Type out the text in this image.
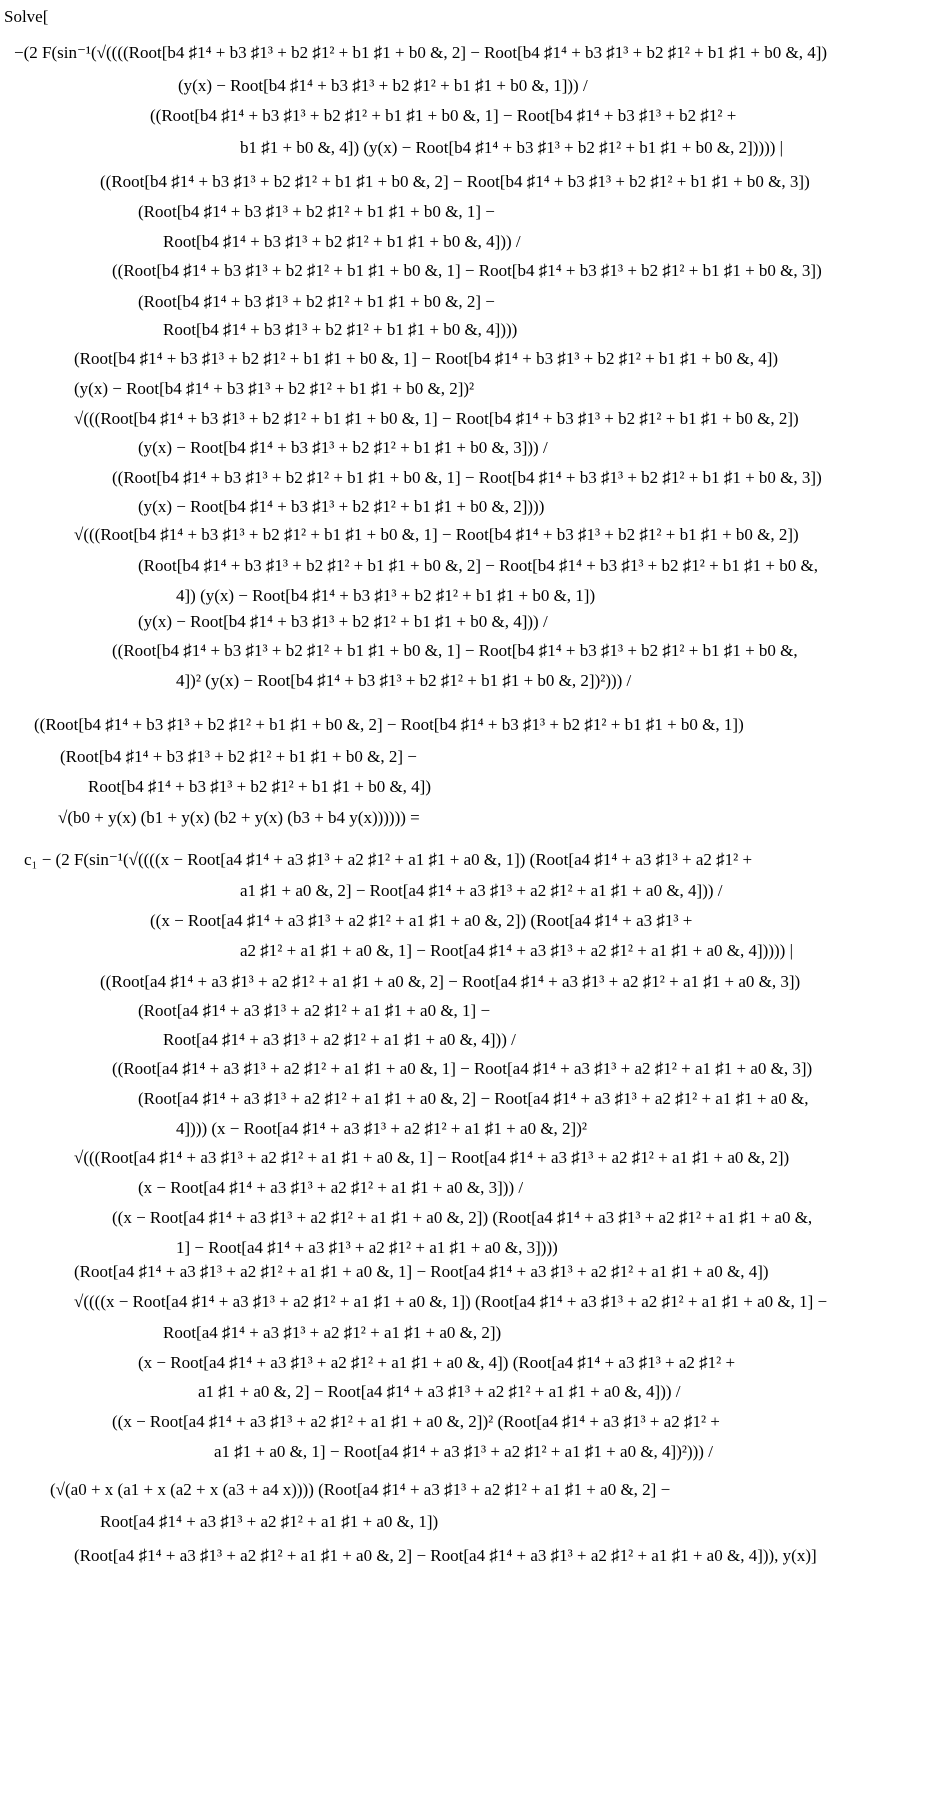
Solve[
−(2 F(sin⁻¹(√((((Root[b4 ♯1⁴ + b3 ♯1³ + b2 ♯1² + b1 ♯1 + b0 &, 2] − Root[b4 ♯1⁴ + b3 ♯1³ + b2 ♯1² + b1 ♯1 + b0 &, 4])
(y(x) − Root[b4 ♯1⁴ + b3 ♯1³ + b2 ♯1² + b1 ♯1 + b0 &, 1])) /
((Root[b4 ♯1⁴ + b3 ♯1³ + b2 ♯1² + b1 ♯1 + b0 &, 1] − Root[b4 ♯1⁴ + b3 ♯1³ + b2 ♯1² +
b1 ♯1 + b0 &, 4]) (y(x) − Root[b4 ♯1⁴ + b3 ♯1³ + b2 ♯1² + b1 ♯1 + b0 &, 2])))) |
((Root[b4 ♯1⁴ + b3 ♯1³ + b2 ♯1² + b1 ♯1 + b0 &, 2] − Root[b4 ♯1⁴ + b3 ♯1³ + b2 ♯1² + b1 ♯1 + b0 &, 3])
(Root[b4 ♯1⁴ + b3 ♯1³ + b2 ♯1² + b1 ♯1 + b0 &, 1] −
Root[b4 ♯1⁴ + b3 ♯1³ + b2 ♯1² + b1 ♯1 + b0 &, 4])) /
((Root[b4 ♯1⁴ + b3 ♯1³ + b2 ♯1² + b1 ♯1 + b0 &, 1] − Root[b4 ♯1⁴ + b3 ♯1³ + b2 ♯1² + b1 ♯1 + b0 &, 3])
(Root[b4 ♯1⁴ + b3 ♯1³ + b2 ♯1² + b1 ♯1 + b0 &, 2] −
Root[b4 ♯1⁴ + b3 ♯1³ + b2 ♯1² + b1 ♯1 + b0 &, 4])))
(Root[b4 ♯1⁴ + b3 ♯1³ + b2 ♯1² + b1 ♯1 + b0 &, 1] − Root[b4 ♯1⁴ + b3 ♯1³ + b2 ♯1² + b1 ♯1 + b0 &, 4])
(y(x) − Root[b4 ♯1⁴ + b3 ♯1³ + b2 ♯1² + b1 ♯1 + b0 &, 2])²
√(((Root[b4 ♯1⁴ + b3 ♯1³ + b2 ♯1² + b1 ♯1 + b0 &, 1] − Root[b4 ♯1⁴ + b3 ♯1³ + b2 ♯1² + b1 ♯1 + b0 &, 2])
(y(x) − Root[b4 ♯1⁴ + b3 ♯1³ + b2 ♯1² + b1 ♯1 + b0 &, 3])) /
((Root[b4 ♯1⁴ + b3 ♯1³ + b2 ♯1² + b1 ♯1 + b0 &, 1] − Root[b4 ♯1⁴ + b3 ♯1³ + b2 ♯1² + b1 ♯1 + b0 &, 3])
(y(x) − Root[b4 ♯1⁴ + b3 ♯1³ + b2 ♯1² + b1 ♯1 + b0 &, 2])))
√(((Root[b4 ♯1⁴ + b3 ♯1³ + b2 ♯1² + b1 ♯1 + b0 &, 1] − Root[b4 ♯1⁴ + b3 ♯1³ + b2 ♯1² + b1 ♯1 + b0 &, 2])
(Root[b4 ♯1⁴ + b3 ♯1³ + b2 ♯1² + b1 ♯1 + b0 &, 2] − Root[b4 ♯1⁴ + b3 ♯1³ + b2 ♯1² + b1 ♯1 + b0 &,
4]) (y(x) − Root[b4 ♯1⁴ + b3 ♯1³ + b2 ♯1² + b1 ♯1 + b0 &, 1])
(y(x) − Root[b4 ♯1⁴ + b3 ♯1³ + b2 ♯1² + b1 ♯1 + b0 &, 4])) /
((Root[b4 ♯1⁴ + b3 ♯1³ + b2 ♯1² + b1 ♯1 + b0 &, 1] − Root[b4 ♯1⁴ + b3 ♯1³ + b2 ♯1² + b1 ♯1 + b0 &,
4])² (y(x) − Root[b4 ♯1⁴ + b3 ♯1³ + b2 ♯1² + b1 ♯1 + b0 &, 2])²))) /
((Root[b4 ♯1⁴ + b3 ♯1³ + b2 ♯1² + b1 ♯1 + b0 &, 2] − Root[b4 ♯1⁴ + b3 ♯1³ + b2 ♯1² + b1 ♯1 + b0 &, 1])
(Root[b4 ♯1⁴ + b3 ♯1³ + b2 ♯1² + b1 ♯1 + b0 &, 2] −
Root[b4 ♯1⁴ + b3 ♯1³ + b2 ♯1² + b1 ♯1 + b0 &, 4])
√(b0 + y(x) (b1 + y(x) (b2 + y(x) (b3 + b4 y(x)))))) =
c₁ − (2 F(sin⁻¹(√((((x − Root[a4 ♯1⁴ + a3 ♯1³ + a2 ♯1² + a1 ♯1 + a0 &, 1]) (Root[a4 ♯1⁴ + a3 ♯1³ + a2 ♯1² +
a1 ♯1 + a0 &, 2] − Root[a4 ♯1⁴ + a3 ♯1³ + a2 ♯1² + a1 ♯1 + a0 &, 4])) /
((x − Root[a4 ♯1⁴ + a3 ♯1³ + a2 ♯1² + a1 ♯1 + a0 &, 2]) (Root[a4 ♯1⁴ + a3 ♯1³ +
a2 ♯1² + a1 ♯1 + a0 &, 1] − Root[a4 ♯1⁴ + a3 ♯1³ + a2 ♯1² + a1 ♯1 + a0 &, 4])))) |
((Root[a4 ♯1⁴ + a3 ♯1³ + a2 ♯1² + a1 ♯1 + a0 &, 2] − Root[a4 ♯1⁴ + a3 ♯1³ + a2 ♯1² + a1 ♯1 + a0 &, 3])
(Root[a4 ♯1⁴ + a3 ♯1³ + a2 ♯1² + a1 ♯1 + a0 &, 1] −
Root[a4 ♯1⁴ + a3 ♯1³ + a2 ♯1² + a1 ♯1 + a0 &, 4])) /
((Root[a4 ♯1⁴ + a3 ♯1³ + a2 ♯1² + a1 ♯1 + a0 &, 1] − Root[a4 ♯1⁴ + a3 ♯1³ + a2 ♯1² + a1 ♯1 + a0 &, 3])
(Root[a4 ♯1⁴ + a3 ♯1³ + a2 ♯1² + a1 ♯1 + a0 &, 2] − Root[a4 ♯1⁴ + a3 ♯1³ + a2 ♯1² + a1 ♯1 + a0 &,
4]))) (x − Root[a4 ♯1⁴ + a3 ♯1³ + a2 ♯1² + a1 ♯1 + a0 &, 2])²
√(((Root[a4 ♯1⁴ + a3 ♯1³ + a2 ♯1² + a1 ♯1 + a0 &, 1] − Root[a4 ♯1⁴ + a3 ♯1³ + a2 ♯1² + a1 ♯1 + a0 &, 2])
(x − Root[a4 ♯1⁴ + a3 ♯1³ + a2 ♯1² + a1 ♯1 + a0 &, 3])) /
((x − Root[a4 ♯1⁴ + a3 ♯1³ + a2 ♯1² + a1 ♯1 + a0 &, 2]) (Root[a4 ♯1⁴ + a3 ♯1³ + a2 ♯1² + a1 ♯1 + a0 &,
1] − Root[a4 ♯1⁴ + a3 ♯1³ + a2 ♯1² + a1 ♯1 + a0 &, 3])))
(Root[a4 ♯1⁴ + a3 ♯1³ + a2 ♯1² + a1 ♯1 + a0 &, 1] − Root[a4 ♯1⁴ + a3 ♯1³ + a2 ♯1² + a1 ♯1 + a0 &, 4])
√((((x − Root[a4 ♯1⁴ + a3 ♯1³ + a2 ♯1² + a1 ♯1 + a0 &, 1]) (Root[a4 ♯1⁴ + a3 ♯1³ + a2 ♯1² + a1 ♯1 + a0 &, 1] −
Root[a4 ♯1⁴ + a3 ♯1³ + a2 ♯1² + a1 ♯1 + a0 &, 2])
(x − Root[a4 ♯1⁴ + a3 ♯1³ + a2 ♯1² + a1 ♯1 + a0 &, 4]) (Root[a4 ♯1⁴ + a3 ♯1³ + a2 ♯1² +
a1 ♯1 + a0 &, 2] − Root[a4 ♯1⁴ + a3 ♯1³ + a2 ♯1² + a1 ♯1 + a0 &, 4])) /
((x − Root[a4 ♯1⁴ + a3 ♯1³ + a2 ♯1² + a1 ♯1 + a0 &, 2])² (Root[a4 ♯1⁴ + a3 ♯1³ + a2 ♯1² +
a1 ♯1 + a0 &, 1] − Root[a4 ♯1⁴ + a3 ♯1³ + a2 ♯1² + a1 ♯1 + a0 &, 4])²))) /
(√(a0 + x (a1 + x (a2 + x (a3 + a4 x)))) (Root[a4 ♯1⁴ + a3 ♯1³ + a2 ♯1² + a1 ♯1 + a0 &, 2] −
Root[a4 ♯1⁴ + a3 ♯1³ + a2 ♯1² + a1 ♯1 + a0 &, 1])
(Root[a4 ♯1⁴ + a3 ♯1³ + a2 ♯1² + a1 ♯1 + a0 &, 2] − Root[a4 ♯1⁴ + a3 ♯1³ + a2 ♯1² + a1 ♯1 + a0 &, 4])), y(x)]
